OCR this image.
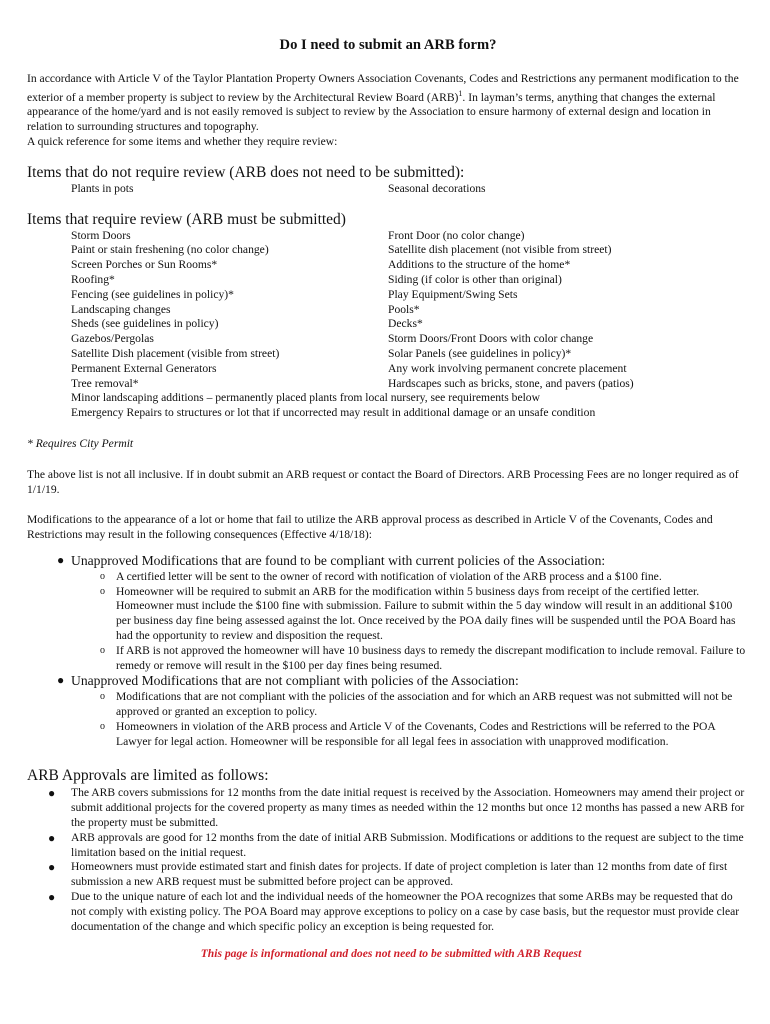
Do I need to submit an ARB form?

In accordance with Article V of the Taylor Plantation Property Owners Association Covenants, Codes and Restrictions any permanent modification to the exterior of a member property is subject to review by the Architectural Review Board (ARB)$^1$. In layman’s terms, anything that changes the external appearance of the home/yard and is not easily removed is subject to review by the Association to ensure harmony of external design and location in relation to surrounding structures and topography.

A quick reference for some items and whether they require review:

Items that do not require review (ARB does not need to be submitted):
Plants in pots	Seasonal decorations
Items that require review (ARB must be submitted)
Storm Doors	Front Door (no color change)
Paint or stain freshening (no color change)	Satellite dish placement (not visible from street)
Screen Porches or Sun Rooms*	Additions to the structure of the home*
Roofing*	Siding (if color is other than original)
Fencing (see guidelines in policy)*	Play Equipment/Swing Sets
Landscaping changes	Pools*
Sheds (see guidelines in policy)	Decks*
Gazebos/Pergolas	Storm Doors/Front Doors with color change
Satellite Dish placement (visible from street)	Solar Panels (see guidelines in policy)*
Permanent External Generators	Any work involving permanent concrete placement
Tree removal*	Hardscapes such as bricks, stone, and pavers (patios)
Minor landscaping additions – permanently placed plants from local nursery, see requirements below
Emergency Repairs to structures or lot that if uncorrected may result in additional damage or an unsafe condition

* Requires City Permit

The above list is not all inclusive. If in doubt submit an ARB request or contact the Board of Directors. ARB Processing Fees are no longer required as of 1/1/19.

Modifications to the appearance of a lot or home that fail to utilize the ARB approval process as described in Article V of the Covenants, Codes and Restrictions may result in the following consequences (Effective 4/18/18):

● Unapproved Modifications that are found to be compliant with current policies of the Association:
o A certified letter will be sent to the owner of record with notification of violation of the ARB process and a $100 fine.
o Homeowner will be required to submit an ARB for the modification within 5 business days from receipt of the certified letter. Homeowner must include the $100 fine with submission. Failure to submit within the 5 day window will result in an additional $100 per business day fine being assessed against the lot. Once received by the POA daily fines will be suspended until the POA Board has had the opportunity to review and disposition the request.
o If ARB is not approved the homeowner will have 10 business days to remedy the discrepant modification to include removal. Failure to remedy or remove will result in the $100 per day fines being resumed.
● Unapproved Modifications that are not compliant with policies of the Association:
o Modifications that are not compliant with the policies of the association and for which an ARB request was not submitted will not be approved or granted an exception to policy.
o Homeowners in violation of the ARB process and Article V of the Covenants, Codes and Restrictions will be referred to the POA Lawyer for legal action. Homeowner will be responsible for all legal fees in association with unapproved modification.
ARB Approvals are limited as follows:
● The ARB covers submissions for 12 months from the date initial request is received by the Association. Homeowners may amend their project or submit additional projects for the covered property as many times as needed within the 12 months but once 12 months has passed a new ARB for the property must be submitted.
● ARB approvals are good for 12 months from the date of initial ARB Submission. Modifications or additions to the request are subject to the time limitation based on the initial request.
● Homeowners must provide estimated start and finish dates for projects. If date of project completion is later than 12 months from date of first submission a new ARB request must be submitted before project can be approved.
● Due to the unique nature of each lot and the individual needs of the homeowner the POA recognizes that some ARBs may be requested that do not comply with existing policy. The POA Board may approve exceptions to policy on a case by case basis, but the requestor must provide clear documentation of the change and which specific policy an exception is being requested for.

This page is informational and does not need to be submitted with ARB Request
